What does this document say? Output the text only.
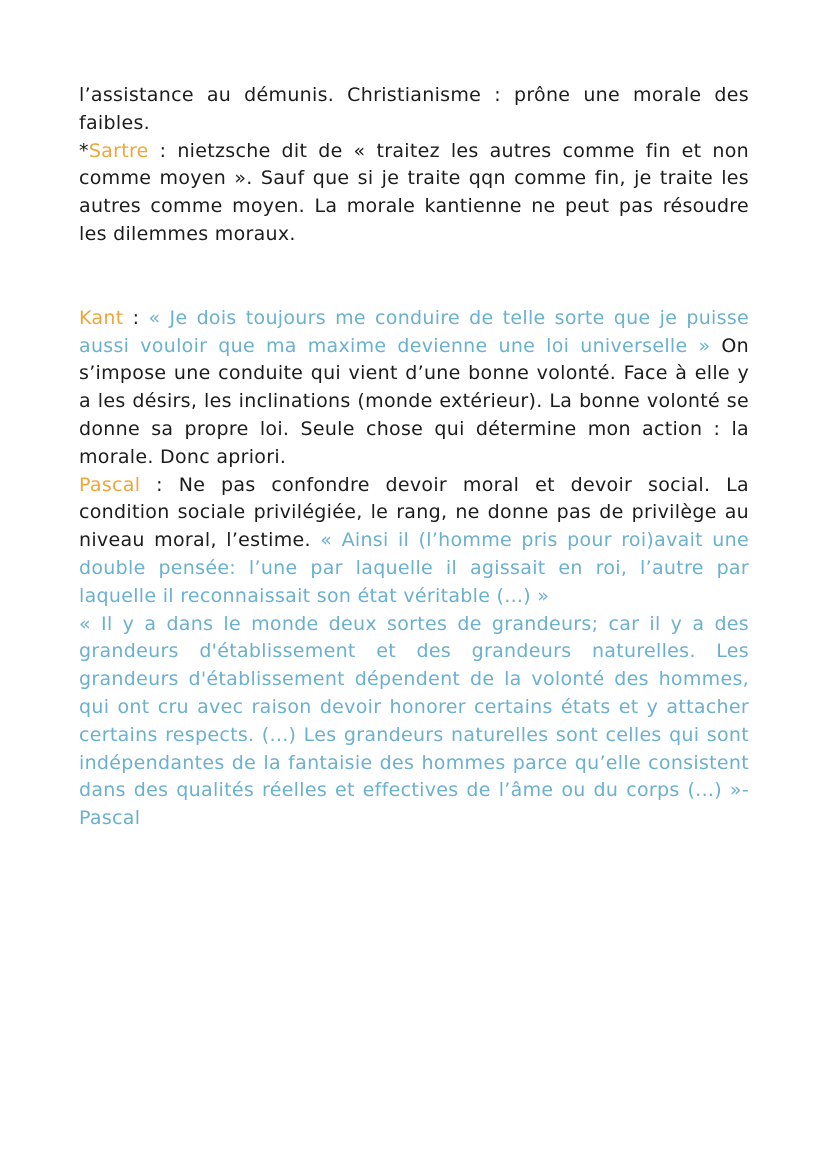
l’assistance au démunis. Christianisme : prône une morale des faibles.

*Sartre : nietzsche dit de « traitez les autres comme fin et non comme moyen ». Sauf que si je traite qqn comme fin, je traite les autres comme moyen. La morale kantienne ne peut pas résoudre les dilemmes moraux.

Kant : « Je dois toujours me conduire de telle sorte que je puisse aussi vouloir que ma maxime devienne une loi universelle » On s’impose une conduite qui vient d’une bonne volonté. Face à elle y a les désirs, les inclinations (monde extérieur). La bonne volonté se donne sa propre loi. Seule chose qui détermine mon action : la morale. Donc apriori.

Pascal : Ne pas confondre devoir moral et devoir social. La condition sociale privilégiée, le rang, ne donne pas de privilège au niveau moral, l’estime. « Ainsi il (l’homme pris pour roi)avait une double pensée: l’une par laquelle il agissait en roi, l’autre par laquelle il reconnaissait son état véritable (...) »

« Il y a dans le monde deux sortes de grandeurs; car il y a des grandeurs d'établissement et des grandeurs naturelles. Les grandeurs d'établissement dépendent de la volonté des hommes, qui ont cru avec raison devoir honorer certains états et y attacher certains respects. (...) Les grandeurs naturelles sont celles qui sont indépendantes de la fantaisie des hommes parce qu’elle consistent dans des qualités réelles et effectives de l’âme ou du corps (...) »-Pascal
